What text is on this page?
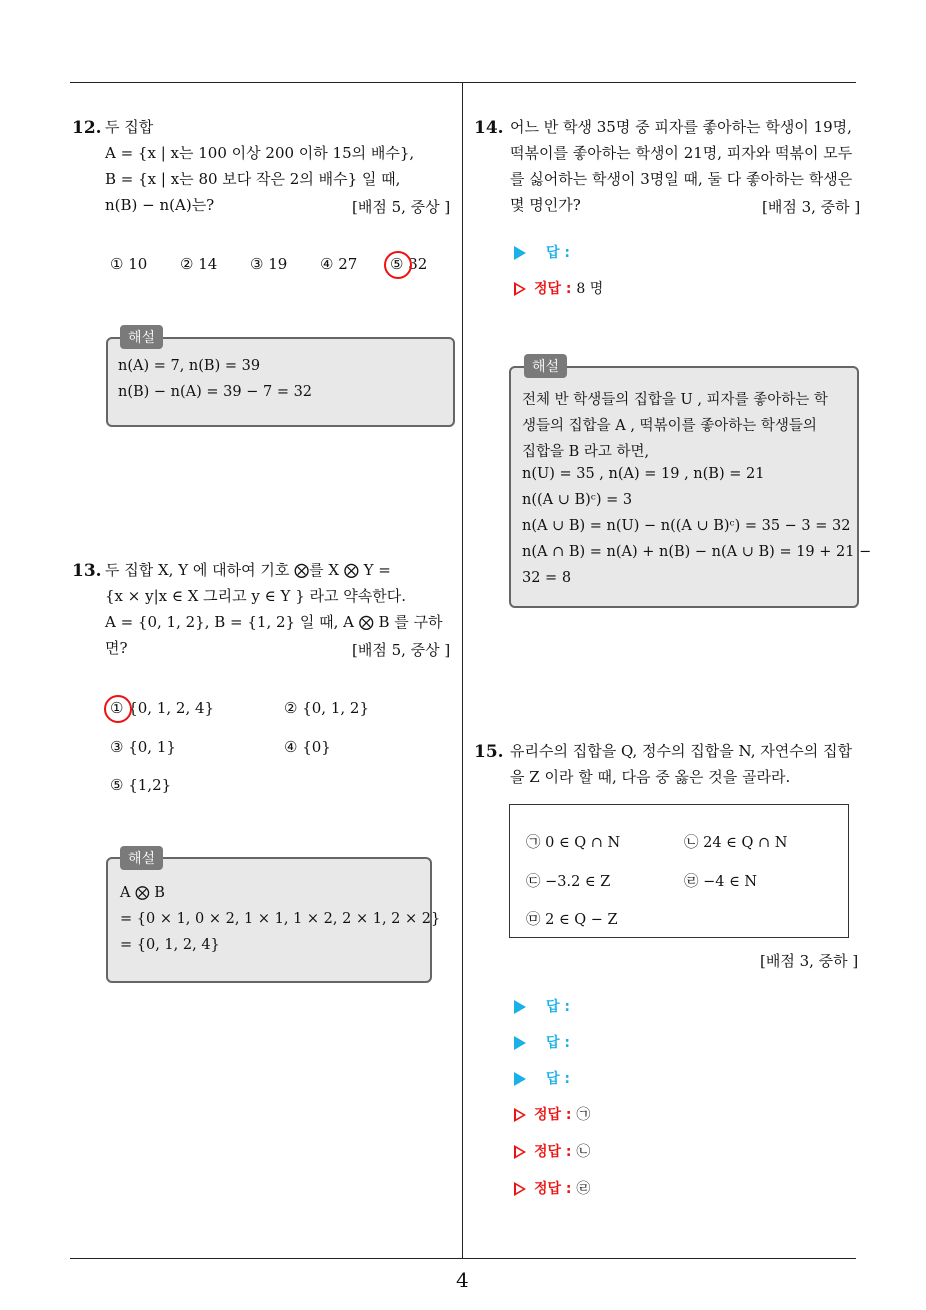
12. 두 집합
A = {x | x는 100 이상 200 이하 15의 배수},
B = {x | x는 80 보다 작은 2의 배수} 일 때,
n(B) − n(A)는?	[배점 5, 중상 ]
① 10 ② 14 ③ 19 ④ 27 ⑤ 32
해설
n(A) = 7, n(B) = 39
n(B) − n(A) = 39 − 7 = 32
13. 두 집합 X, Y 에 대하여 기호 ⨂를 X ⨂ Y =
{x × y|x ∈ X 그리고 y ∈ Y } 라고 약속한다.
A = {0, 1, 2}, B = {1, 2} 일 때, A ⨂ B 를 구하
면?	[배점 5, 중상 ]
① {0, 1, 2, 4}	② {0, 1, 2}
③ {0, 1}	④ {0}
⑤ {1,2}
해설
A ⨂ B
= {0 × 1, 0 × 2, 1 × 1, 1 × 2, 2 × 1, 2 × 2}
= {0, 1, 2, 4}
14. 어느 반 학생 35명 중 피자를 좋아하는 학생이 19명,
떡볶이를 좋아하는 학생이 21명, 피자와 떡볶이 모두
를 싫어하는 학생이 3명일 때, 둘 다 좋아하는 학생은
몇 명인가?	[배점 3, 중하 ]
답 :
정답 : 8 명
해설
전체 반 학생들의 집합을 U , 피자를 좋아하는 학
생들의 집합을 A , 떡볶이를 좋아하는 학생들의
집합을 B 라고 하면,
n(U) = 35 , n(A) = 19 , n(B) = 21
n((A ∪ B)ᶜ) = 3
n(A ∪ B) = n(U) − n((A ∪ B)ᶜ) = 35 − 3 = 32
n(A ∩ B) = n(A) + n(B) − n(A ∪ B) = 19 + 21 −
32 = 8
15. 유리수의 집합을 Q, 정수의 집합을 N, 자연수의 집합
을 Z 이라 할 때, 다음 중 옳은 것을 골라라.
㉠ 0 ∈ Q ∩ N	㉡ 24 ∈ Q ∩ N
㉢ −3.2 ∈ Z	㉣ −4 ∈ N
㉤ 2 ∈ Q − Z
[배점 3, 중하 ]
답 :
답 :
답 :
정답 : ㉠
정답 : ㉡
정답 : ㉣
4
